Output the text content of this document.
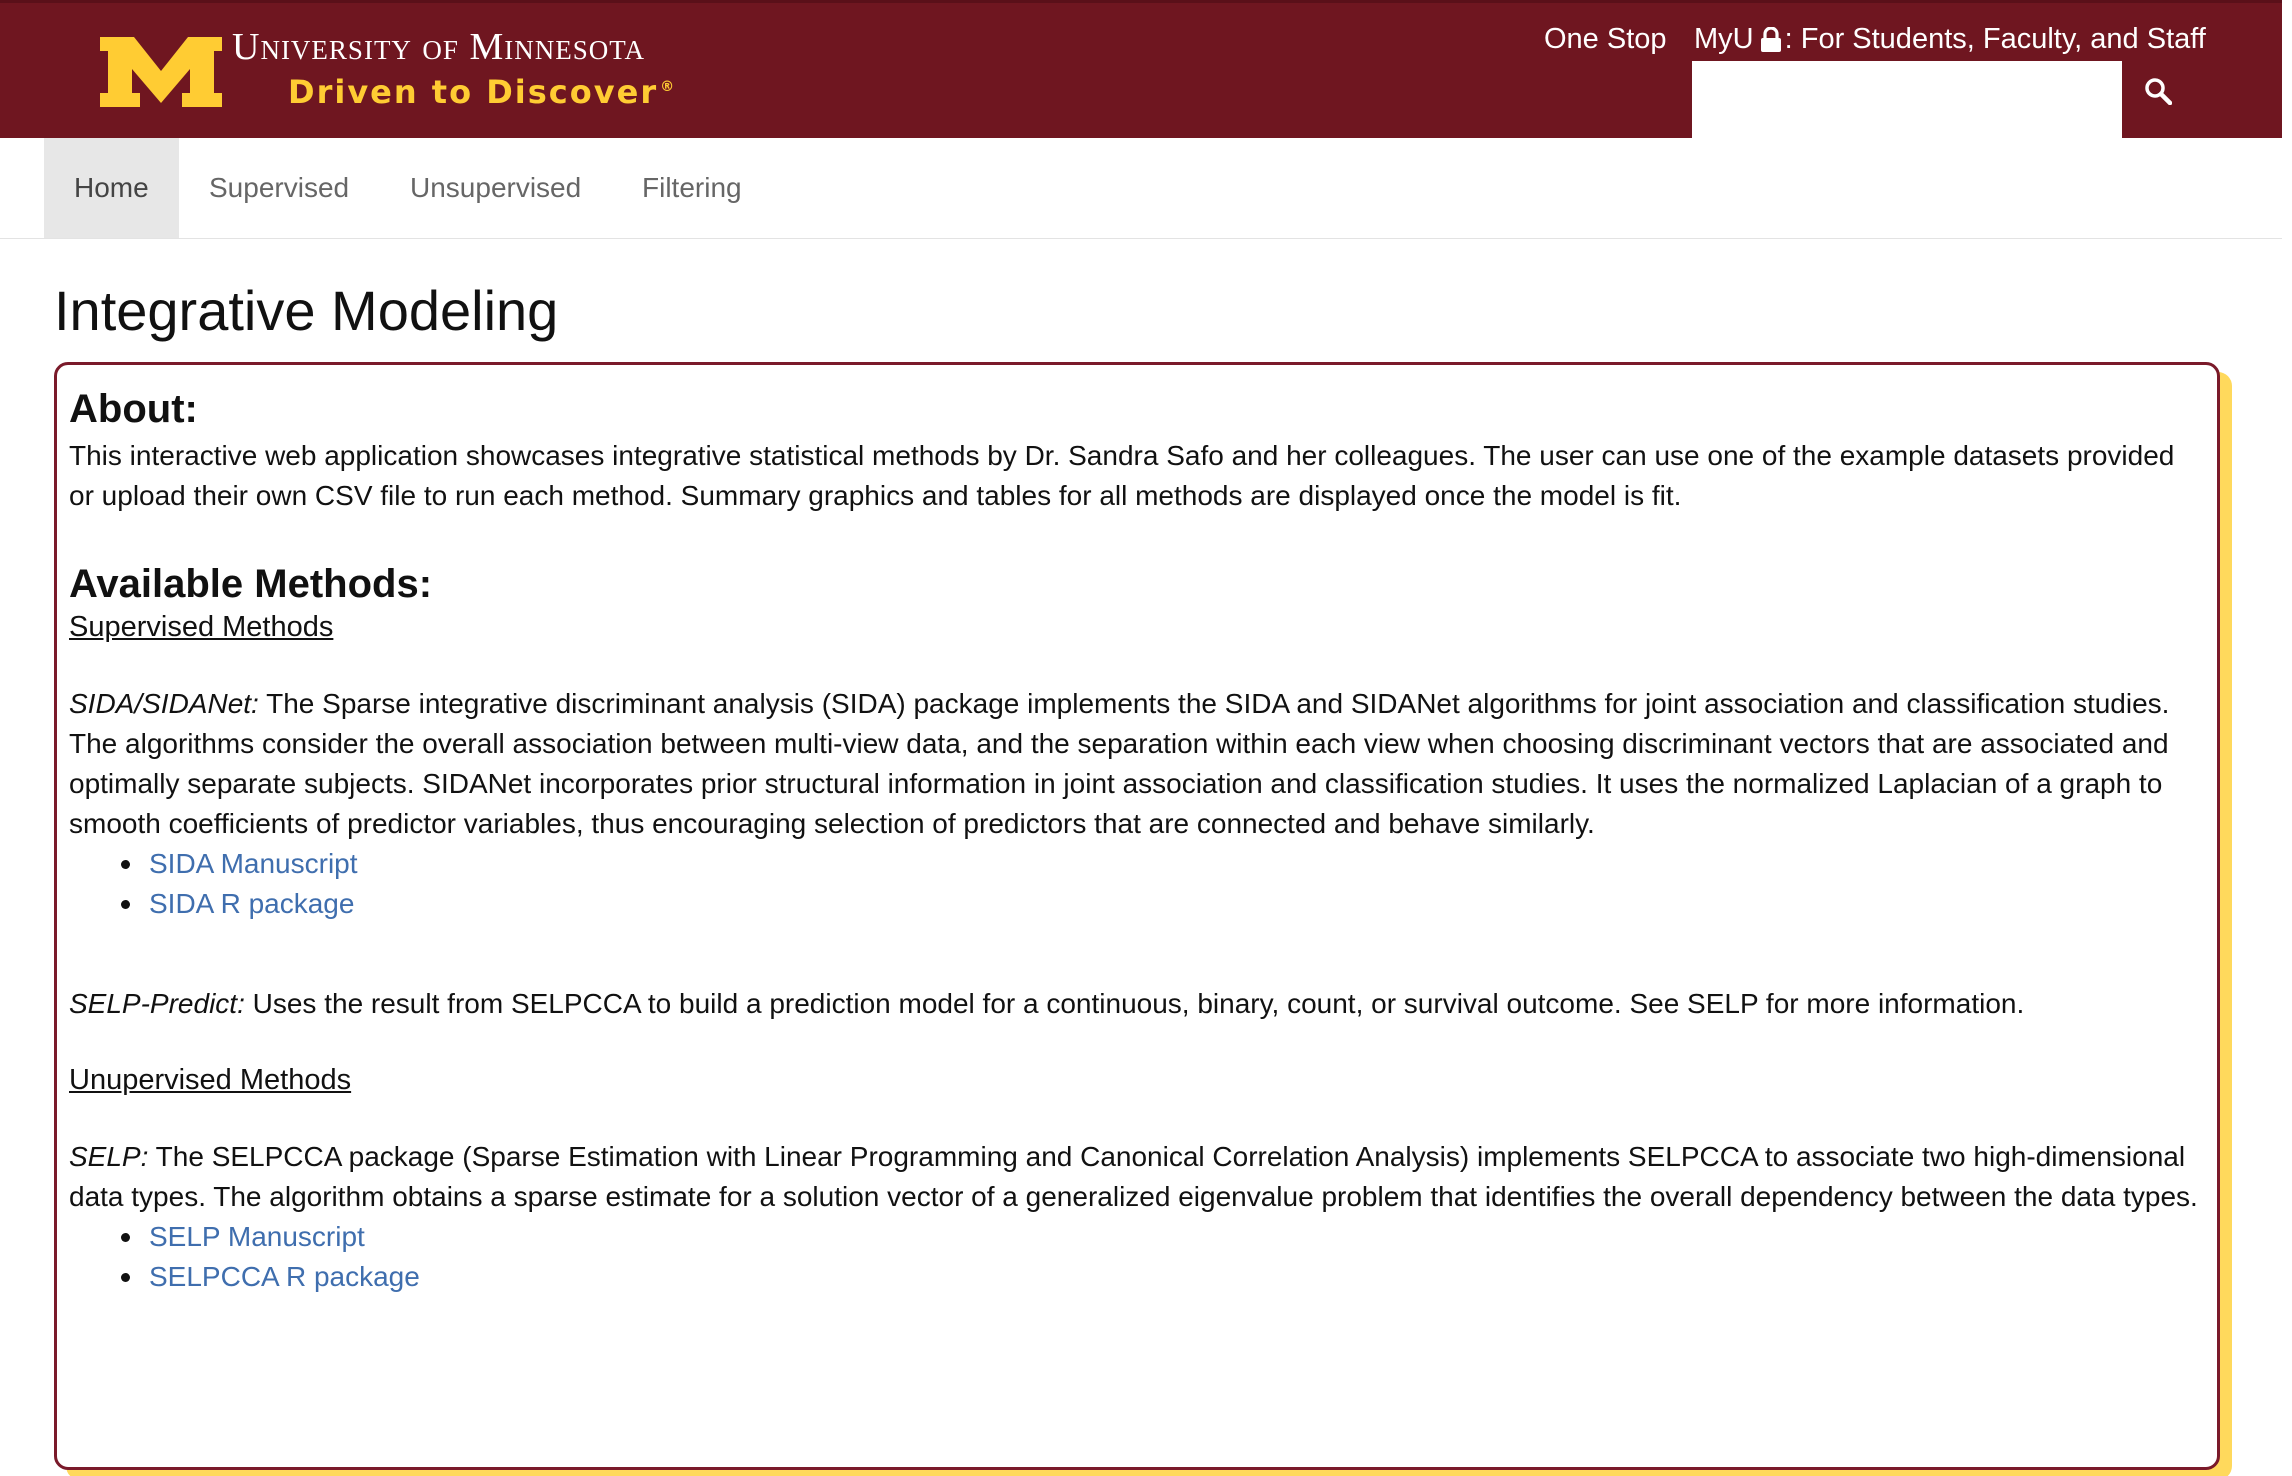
University of Minnesota
Driven to Discover ®
One Stop MyU : For Students, Faculty, and Staff
Home	Supervised	Unsupervised	Filtering
Integrative Modeling
About:

This interactive web application showcases integrative statistical methods by Dr. Sandra Safo and her colleagues. The user can use one of the example datasets provided or upload their own CSV file to run each method. Summary graphics and tables for all methods are displayed once the model is fit.

Available Methods:
Supervised Methods

SIDA/SIDANet: The Sparse integrative discriminant analysis (SIDA) package implements the SIDA and SIDANet algorithms for joint association and classification studies. The algorithms consider the overall association between multi-view data, and the separation within each view when choosing discriminant vectors that are associated and optimally separate subjects. SIDANet incorporates prior structural information in joint association and classification studies. It uses the normalized Laplacian of a graph to smooth coefficients of predictor variables, thus encouraging selection of predictors that are connected and behave similarly.

SIDA Manuscript
SIDA R package

SELP-Predict: Uses the result from SELPCCA to build a prediction model for a continuous, binary, count, or survival outcome. See SELP for more information.

Unupervised Methods

SELP: The SELPCCA package (Sparse Estimation with Linear Programming and Canonical Correlation Analysis) implements SELPCCA to associate two high-dimensional data types. The algorithm obtains a sparse estimate for a solution vector of a generalized eigenvalue problem that identifies the overall dependency between the data types.

SELP Manuscript
SELPCCA R package
